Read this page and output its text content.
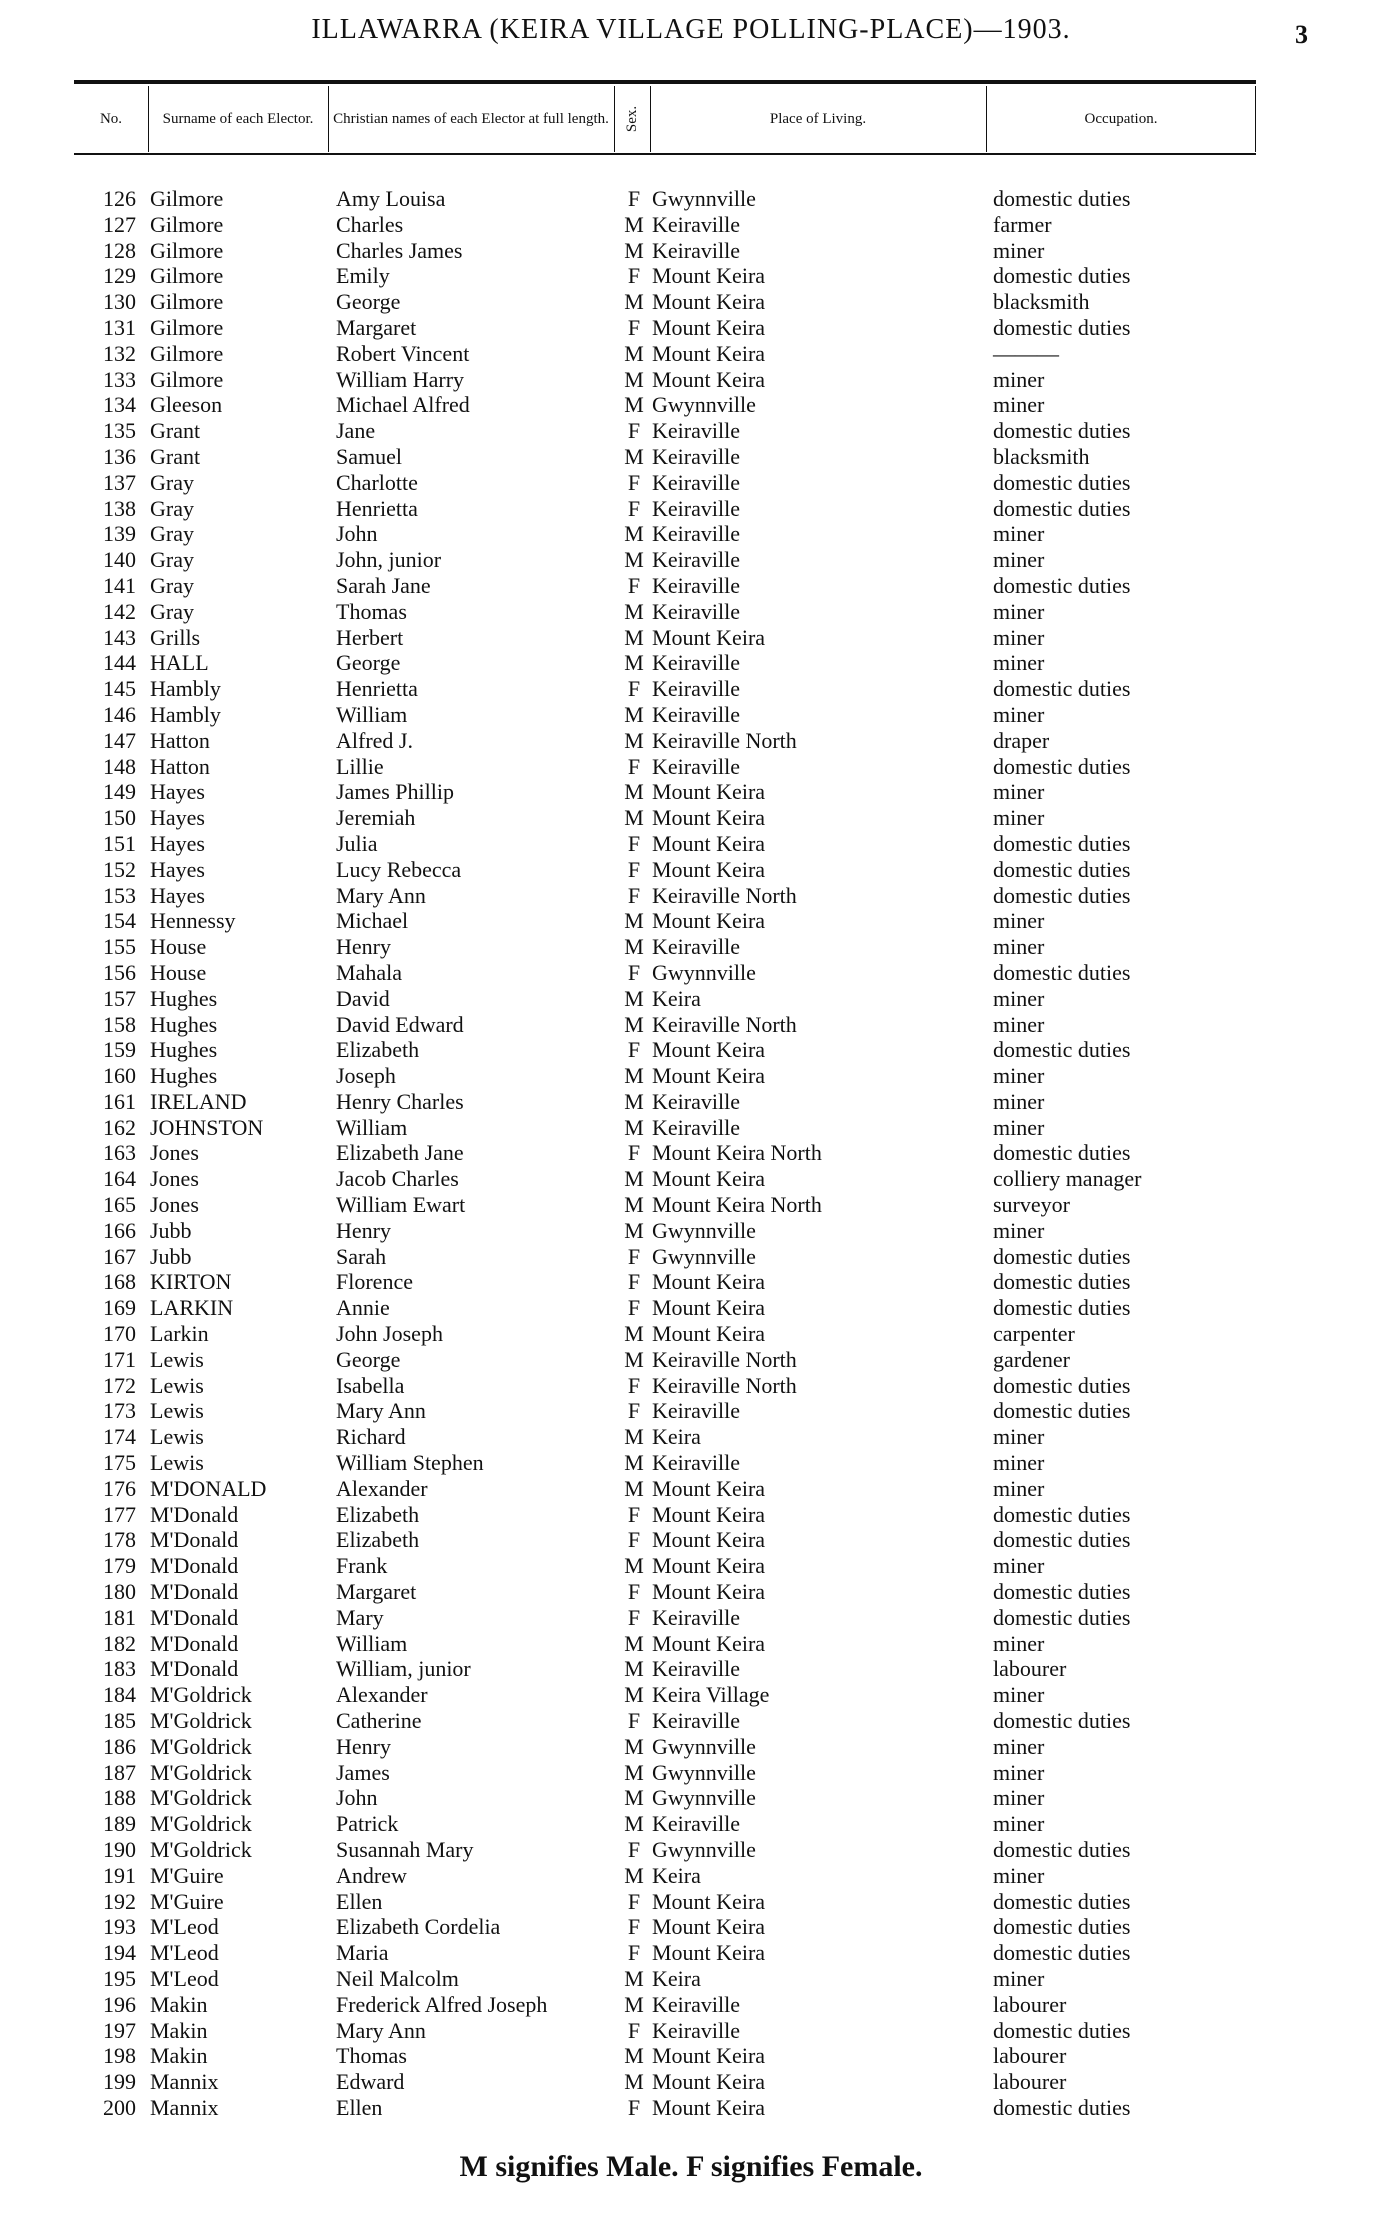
ILLAWARRA (KEIRA VILLAGE POLLING-PLACE)—1903.	3
No.	Surname of each Elector.	Christian names of each Elector at full length. Sex.	Place of Living.	Occupation.
126 Gilmore	Amy Louisa	F Gwynnville	domestic duties
127 Gilmore	Charles	M Keiraville	farmer
128 Gilmore	Charles James	M Keiraville	miner
129 Gilmore	Emily	F Mount Keira	domestic duties
130 Gilmore	George	M Mount Keira	blacksmith
131 Gilmore	Margaret	F Mount Keira	domestic duties
132 Gilmore	Robert Vincent	M Mount Keira	———
133 Gilmore	William Harry	M Mount Keira	miner
134 Gleeson	Michael Alfred	M Gwynnville	miner
135 Grant	Jane	F Keiraville	domestic duties
136 Grant	Samuel	M Keiraville	blacksmith
137 Gray	Charlotte	F Keiraville	domestic duties
138 Gray	Henrietta	F Keiraville	domestic duties
139 Gray	John	M Keiraville	miner
140 Gray	John, junior	M Keiraville	miner
141 Gray	Sarah Jane	F Keiraville	domestic duties
142 Gray	Thomas	M Keiraville	miner
143 Grills	Herbert	M Mount Keira	miner
144 HALL	George	M Keiraville	miner
145 Hambly	Henrietta	F Keiraville	domestic duties
146 Hambly	William	M Keiraville	miner
147 Hatton	Alfred J.	M Keiraville North	draper
148 Hatton	Lillie	F Keiraville	domestic duties
149 Hayes	James Phillip	M Mount Keira	miner
150 Hayes	Jeremiah	M Mount Keira	miner
151 Hayes	Julia	F Mount Keira	domestic duties
152 Hayes	Lucy Rebecca	F Mount Keira	domestic duties
153 Hayes	Mary Ann	F Keiraville North	domestic duties
154 Hennessy	Michael	M Mount Keira	miner
155 House	Henry	M Keiraville	miner
156 House	Mahala	F Gwynnville	domestic duties
157 Hughes	David	M Keira	miner
158 Hughes	David Edward	M Keiraville North	miner
159 Hughes	Elizabeth	F Mount Keira	domestic duties
160 Hughes	Joseph	M Mount Keira	miner
161 IRELAND	Henry Charles	M Keiraville	miner
162 JOHNSTON	William	M Keiraville	miner
163 Jones	Elizabeth Jane	F Mount Keira North	domestic duties
164 Jones	Jacob Charles	M Mount Keira	colliery manager
165 Jones	William Ewart	M Mount Keira North	surveyor
166 Jubb	Henry	M Gwynnville	miner
167 Jubb	Sarah	F Gwynnville	domestic duties
168 KIRTON	Florence	F Mount Keira	domestic duties
169 LARKIN	Annie	F Mount Keira	domestic duties
170 Larkin	John Joseph	M Mount Keira	carpenter
171 Lewis	George	M Keiraville North	gardener
172 Lewis	Isabella	F Keiraville North	domestic duties
173 Lewis	Mary Ann	F Keiraville	domestic duties
174 Lewis	Richard	M Keira	miner
175 Lewis	William Stephen	M Keiraville	miner
176 M'DONALD	Alexander	M Mount Keira	miner
177 M'Donald	Elizabeth	F Mount Keira	domestic duties
178 M'Donald	Elizabeth	F Mount Keira	domestic duties
179 M'Donald	Frank	M Mount Keira	miner
180 M'Donald	Margaret	F Mount Keira	domestic duties
181 M'Donald	Mary	F Keiraville	domestic duties
182 M'Donald	William	M Mount Keira	miner
183 M'Donald	William, junior	M Keiraville	labourer
184 M'Goldrick	Alexander	M Keira Village	miner
185 M'Goldrick	Catherine	F Keiraville	domestic duties
186 M'Goldrick	Henry	M Gwynnville	miner
187 M'Goldrick	James	M Gwynnville	miner
188 M'Goldrick	John	M Gwynnville	miner
189 M'Goldrick	Patrick	M Keiraville	miner
190 M'Goldrick	Susannah Mary	F Gwynnville	domestic duties
191 M'Guire	Andrew	M Keira	miner
192 M'Guire	Ellen	F Mount Keira	domestic duties
193 M'Leod	Elizabeth Cordelia	F Mount Keira	domestic duties
194 M'Leod	Maria	F Mount Keira	domestic duties
195 M'Leod	Neil Malcolm	M Keira	miner
196 Makin	Frederick Alfred Joseph	M Keiraville	labourer
197 Makin	Mary Ann	F Keiraville	domestic duties
198 Makin	Thomas	M Mount Keira	labourer
199 Mannix	Edward	M Mount Keira	labourer
200 Mannix	Ellen	F Mount Keira	domestic duties
M signifies Male. F signifies Female.
